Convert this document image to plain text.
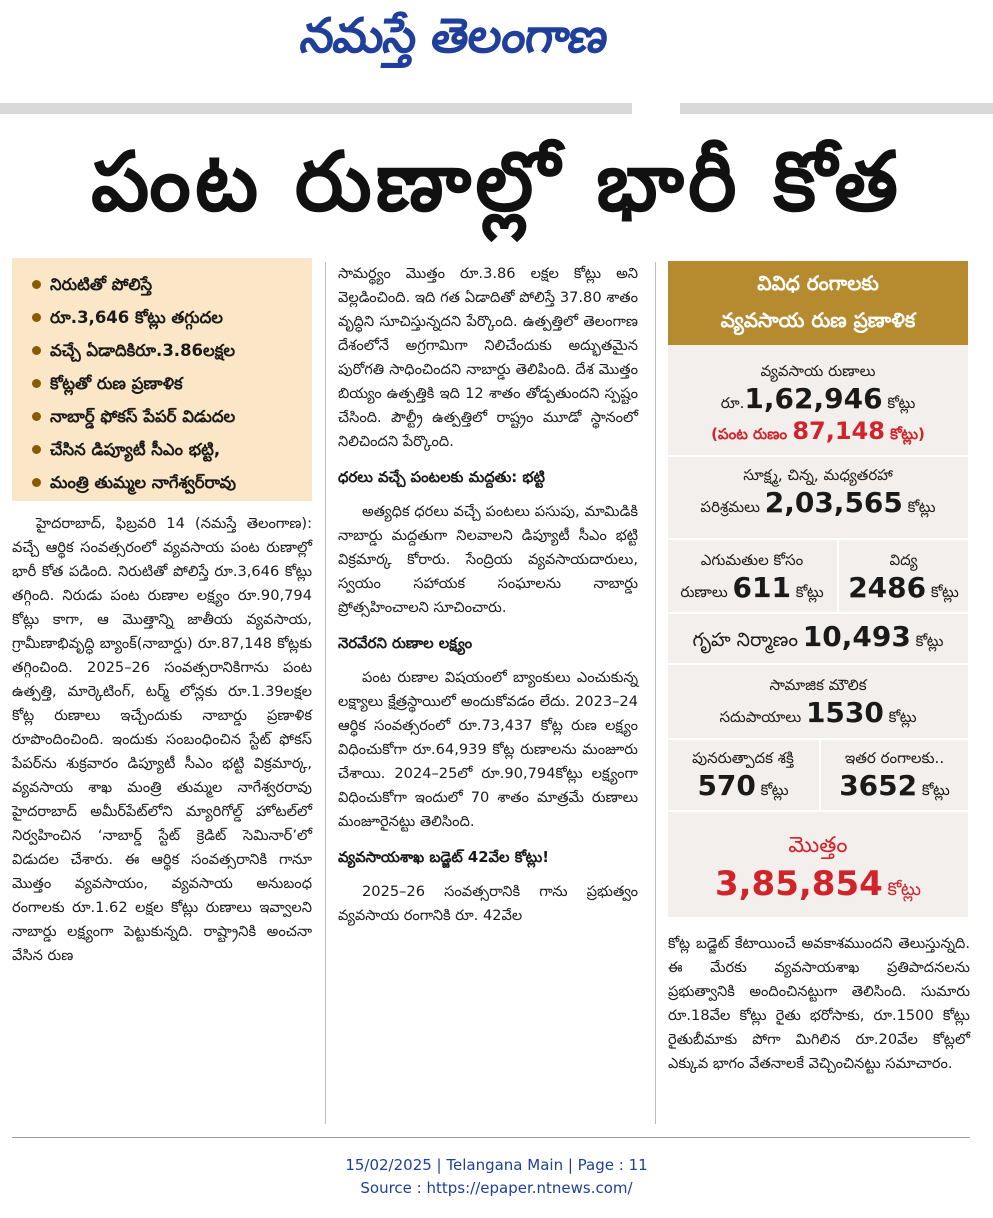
నమస్తే తెలంగాణ
పంట రుణాల్లో భారీ కోత
నిరుటితో పోలిస్తే
రూ.3,646 కోట్లు తగ్గుదల
వచ్చే ఏడాదికిరూ.3.86లక్షల
కోట్లతో రుణ ప్రణాళిక
నాబార్డ్ ఫోకస్ పేపర్ విడుదల
చేసిన డిప్యూటీ సీఎం భట్టి,
మంత్రి తుమ్మల నాగేశ్వర్‌రావు

హైదరాబాద్, ఫిబ్రవరి 14 (నమస్తే తెలంగాణ): వచ్చే ఆర్థిక సంవత్సరంలో వ్యవసాయ పంట రుణాల్లో భారీ కోత పడింది. నిరుటితో పోలిస్తే రూ.3,646 కోట్లు తగ్గింది. నిరుడు పంట రుణాల లక్ష్యం రూ.90,794 కోట్లు కాగా, ఆ మొత్తాన్ని జాతీయ వ్యవసాయ, గ్రామీణాభివృద్ధి బ్యాంక్(నాబార్డు) రూ.87,148 కోట్లకు తగ్గించింది. 2025–26 సంవత్సరానికిగాను పంట ఉత్పత్తి, మార్కెటింగ్, టర్మ్ లోన్లకు రూ.1.39లక్షల కోట్ల రుణాలు ఇచ్చేందుకు నాబార్డు ప్రణాళిక రూపొందించింది. ఇందుకు సంబంధించిన స్టేట్ ఫోకస్ పేపర్‌ను శుక్రవారం డిప్యూటీ సీఎం భట్టి విక్రమార్క, వ్యవసాయ శాఖ మంత్రి తుమ్మల నాగేశ్వరరావు హైదరాబాద్ అమీర్‌పేట్‌లోని మ్యారిగోల్డ్ హోటల్‌లో నిర్వహించిన ‘నాబార్డ్ స్టేట్ క్రెడిట్ సెమినార్’లో విడుదల చేశారు. ఈ ఆర్థిక సంవత్సరానికి గానూ మొత్తం వ్యవసాయం, వ్యవసాయ అనుబంధ రంగాలకు రూ.1.62 లక్షల కోట్లు రుణాలు ఇవ్వాలని నాబార్డు లక్ష్యంగా పెట్టుకున్నది. రాష్ట్రానికి అంచనా వేసిన రుణ

సామర్థ్యం మొత్తం రూ.3.86 లక్షల కోట్లు అని వెల్లడించింది. ఇది గత ఏడాదితో పోలిస్తే 37.80 శాతం వృద్ధిని సూచిస్తున్నదని పేర్కొంది. ఉత్పత్తిలో తెలంగాణ దేశంలోనే అగ్రగామిగా నిలిచేందుకు అద్భుతమైన పురోగతి సాధించిందని నాబార్డు తెలిపింది. దేశ మొత్తం బియ్యం ఉత్పత్తికి ఇది 12 శాతం తోడ్పతుందని స్పష్టం చేసింది. పౌల్ట్రీ ఉత్పత్తిలో రాష్ట్రం మూడో స్థానంలో నిలిచిందని పేర్కొంది.

ధరలు వచ్చే పంటలకు మద్దతు: భట్టి

అత్యధిక ధరలు వచ్చే పంటలు పసుపు, మామిడికి నాబార్డు మద్దతుగా నిలవాలని డిప్యూటీ సీఎం భట్టి విక్రమార్క కోరారు. సేంద్రియ వ్యవసాయదారులు, స్వయం సహాయక సంఘాలను నాబార్డు ప్రోత్సహించాలని సూచించారు.

నెరవేరని రుణాల లక్ష్యం

పంట రుణాల విషయంలో బ్యాంకులు ఎంచుకున్న లక్ష్యాలు క్షేత్రస్థాయిలో అందుకోవడం లేదు. 2023–24 ఆర్థిక సంవత్సరంలో రూ.73,437 కోట్ల రుణ లక్ష్యం విధించుకోగా రూ.64,939 కోట్ల రుణాలను మంజూరు చేశాయి. 2024–25లో రూ.90,794కోట్లు లక్ష్యంగా విధించుకోగా ఇందులో 70 శాతం మాత్రమే రుణాలు మంజూరైనట్టు తెలిసింది.

వ్యవసాయశాఖ బడ్జెట్ 42వేల కోట్లు!

2025–26 సంవత్సరానికి గాను ప్రభుత్వం వ్యవసాయ రంగానికి రూ. 42వేల

వివిధ రంగాలకు
వ్యవసాయ రుణ ప్రణాళిక
వ్యవసాయ రుణాలు
రూ.1,62,946 కోట్లు
(పంట రుణం 87,148 కోట్లు)
సూక్ష్మ, చిన్న, మధ్యతరహా
పరిశ్రమలు 2,03,565 కోట్లు
ఎగుమతుల కోసం
రుణాలు 611 కోట్లు
విద్య
2486 కోట్లు
గృహ నిర్మాణం 10,493 కోట్లు
సామాజిక మౌలిక
సదుపాయాలు 1530 కోట్లు
పునరుత్పాదక శక్తి
570 కోట్లు
ఇతర రంగాలకు..
3652 కోట్లు
మొత్తం
3,85,854 కోట్లు

కోట్ల బడ్జెట్ కేటాయించే అవకాశముందని తెలుస్తున్నది. ఈ మేరకు వ్యవసాయశాఖ ప్రతిపాదనలను ప్రభుత్వానికి అందించినట్టుగా తెలిసింది. సుమారు రూ.18వేల కోట్లు రైతు భరోసాకు, రూ.1500 కోట్లు రైతుబీమాకు పోగా మిగిలిన రూ.20వేల కోట్లలో ఎక్కువ భాగం వేతనాలకే వెచ్చించినట్టు సమాచారం.

15/02/2025 | Telangana Main | Page : 11
Source : https://epaper.ntnews.com/
